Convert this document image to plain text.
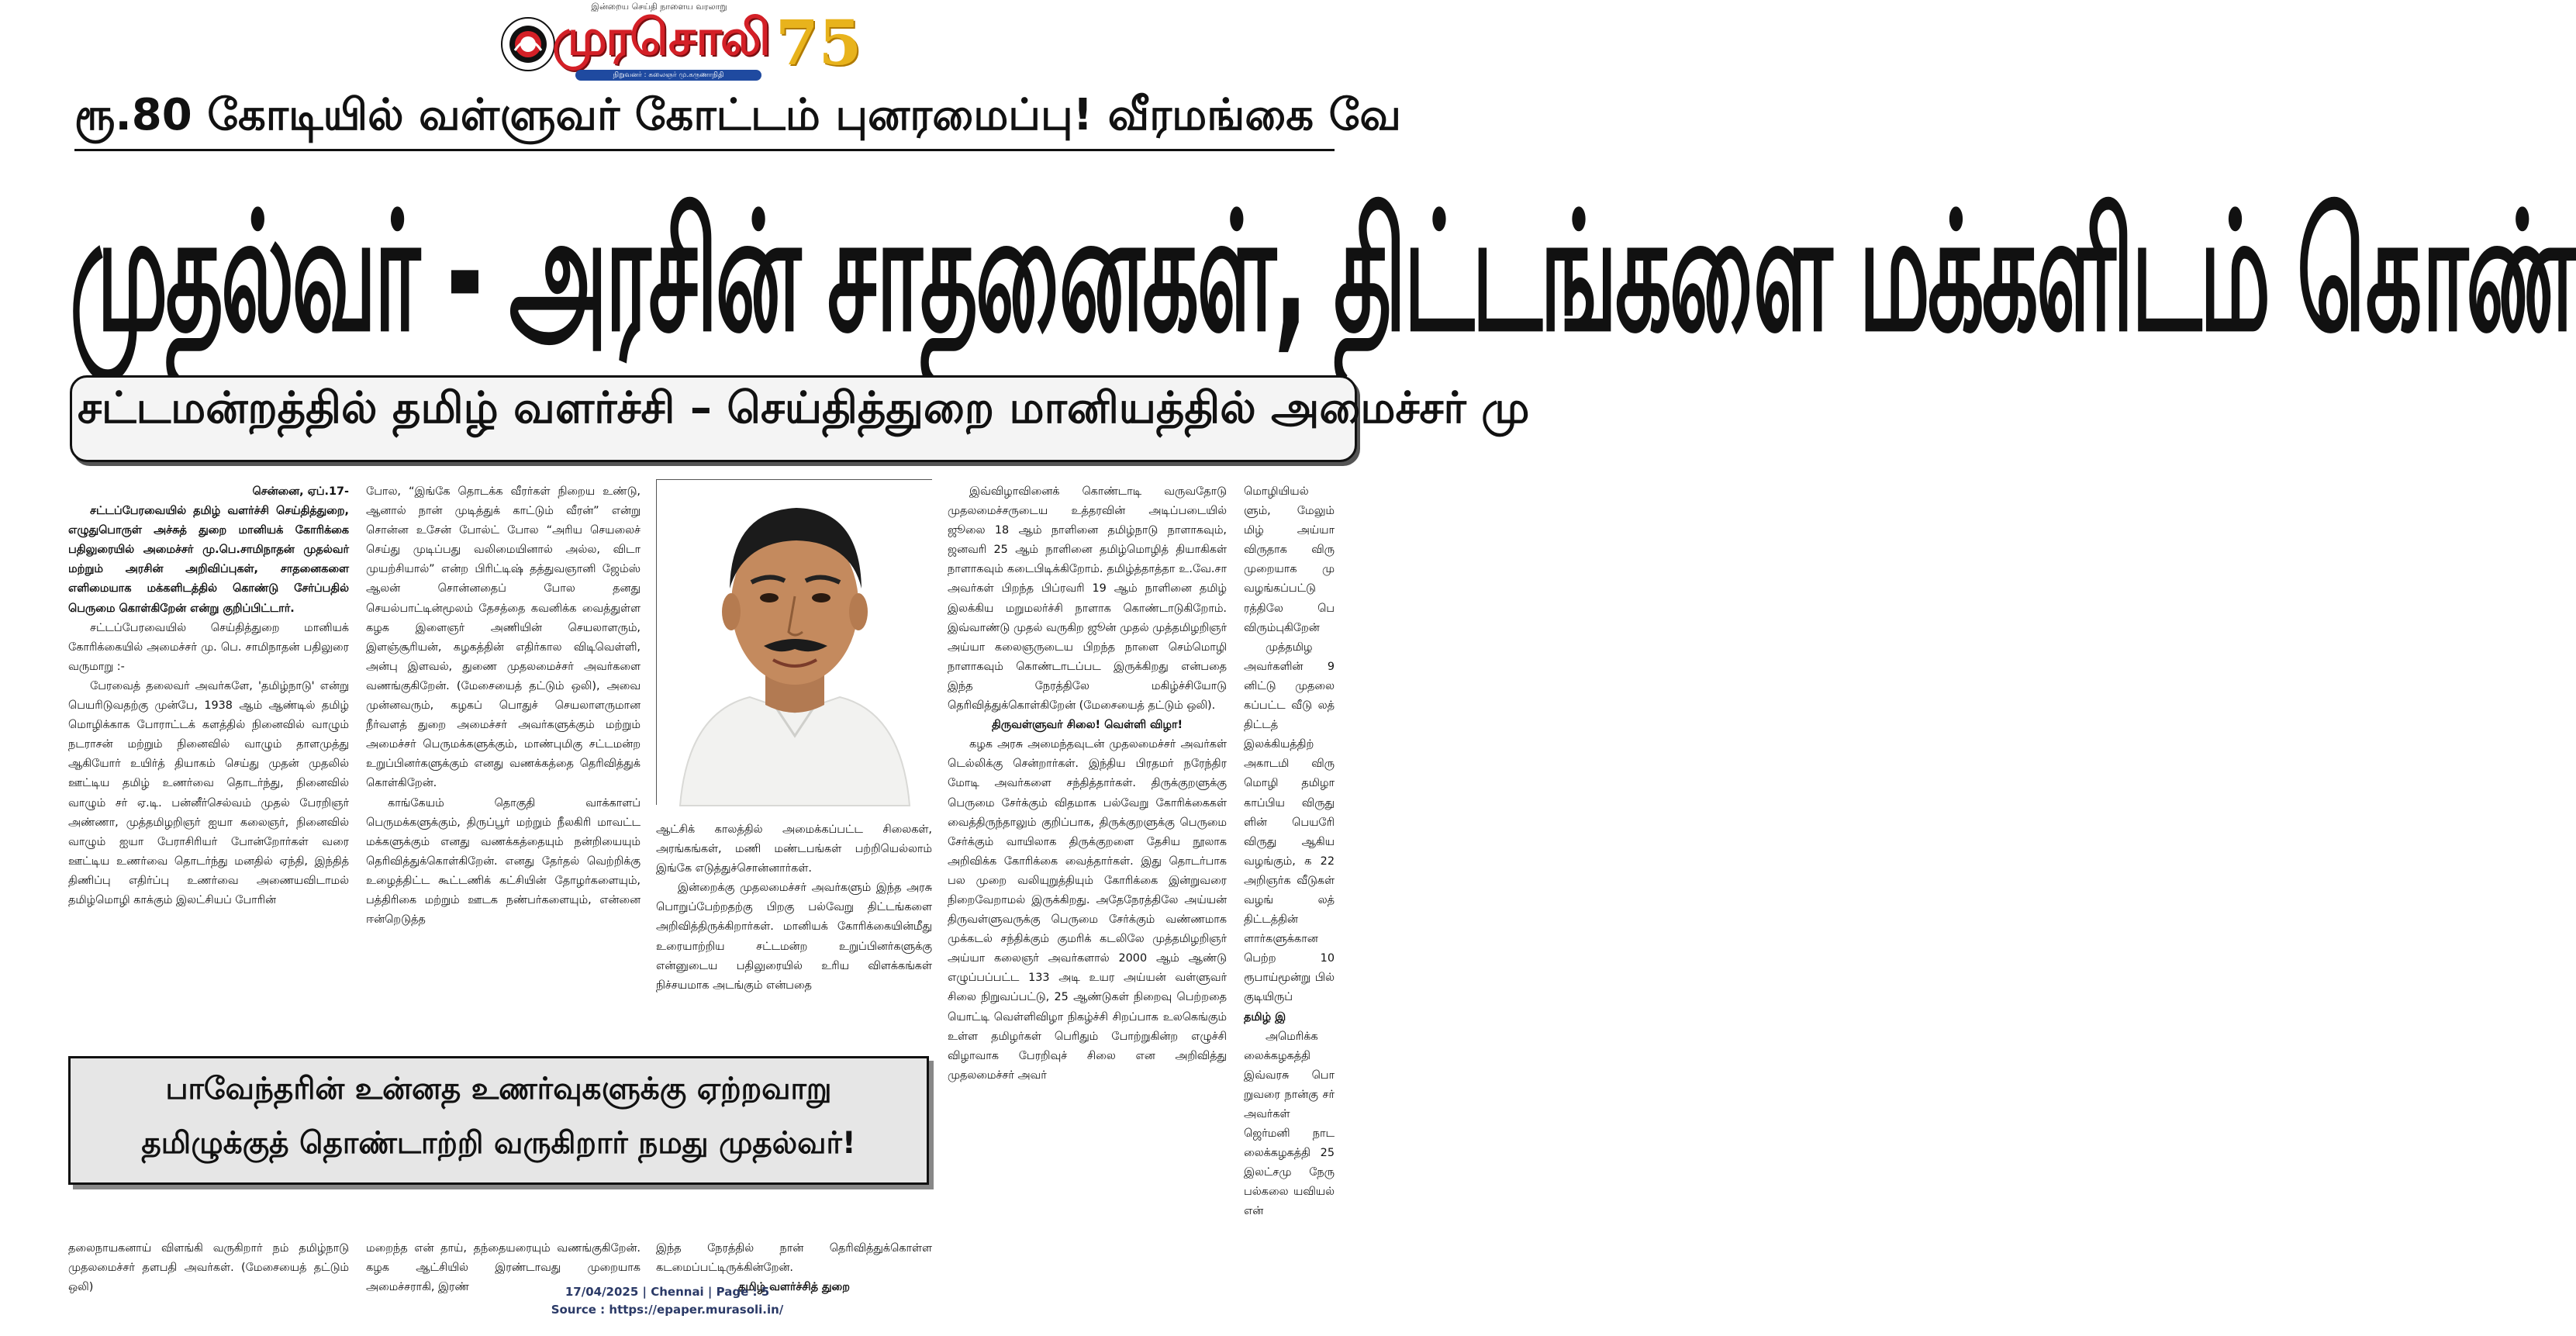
இன்றைய செய்தி நாளைய வரலாறு
முரசொலி
நிறுவனர் : கலைஞர் மு.கருணாநிதி 75
ரூ.80 கோடியில் வள்ளுவர் கோட்டம் புனரமைப்பு! வீரமங்கை வே
முதல்வர் - அரசின் சாதனைகள், திட்டங்களை மக்களிடம் கொண்
சட்டமன்றத்தில் தமிழ் வளர்ச்சி – செய்தித்துறை மானியத்தில் அமைச்சர் மு
சென்னை, ஏப்.17-

சட்டப்பேரவையில் தமிழ் வளர்ச்சி செய்தித்துறை, எழுதுபொருள் அச்சுத் துறை மானியக் கோரிக்கை பதிலுரையில் அமைச்சர் மு.பெ.சாமிநாதன் முதல்வர் மற்றும் அரசின் அறிவிப்புகள், சாதனைகளை எளிமையாக மக்களிடத்தில் கொண்டு சேர்ப்பதில் பெருமை கொள்கிறேன் என்று குறிப்பிட்டார்.

சட்டப்பேரவையில் செய்தித்துறை மானியக் கோரிக்கையில் அமைச்சர் மு. பெ. சாமிநாதன் பதிலுரை வருமாறு :-

பேரவைத் தலைவர் அவர்களே, 'தமிழ்நாடு' என்று பெயரிடுவதற்கு முன்பே, 1938 ஆம் ஆண்டில் தமிழ் மொழிக்காக போராட்டக் களத்தில் நினைவில் வாழும் நடராசன் மற்றும் நினைவில் வாழும் தாளமுத்து ஆகியோர் உயிர்த் தியாகம் செய்து முதன் முதலில் ஊட்டிய தமிழ் உணர்வை தொடர்ந்து, நினைவில் வாழும் சர் ஏ.டி. பன்னீர்செல்வம் முதல் பேரறிஞர் அண்ணா, முத்தமிழறிஞர் ஐயா கலைஞர், நினைவில் வாழும் ஐயா பேராசிரியர் போன்றோர்கள் வரை ஊட்டிய உணர்வை தொடர்ந்து மனதில் ஏந்தி, இந்தித் திணிப்பு எதிர்ப்பு உணர்வை அணையவிடாமல் தமிழ்மொழி காக்கும் இலட்சியப் போரின்

போல, “இங்கே தொடக்க வீரர்கள் நிறைய உண்டு, ஆனால் நான் முடித்துக் காட்டும் வீரன்” என்று சொன்ன உசேன் போல்ட் போல “அரிய செயலைச் செய்து முடிப்பது வலிமையினால் அல்ல, விடா முயற்சியால்” என்ற பிரிட்டிஷ் தத்துவஞானி ஜேம்ஸ் ஆலன் சொன்னதைப் போல தனது செயல்பாட்டின்மூலம் தேசத்தை கவனிக்க வைத்துள்ள கழக இளைஞர் அணியின் செயலாளரும், இளஞ்சூரியன், கழகத்தின் எதிர்கால விடிவெள்ளி, அன்பு இளவல், துணை முதலமைச்சர் அவர்களை வணங்குகிறேன். (மேசையைத் தட்டும் ஒலி), அவை முன்னவரும், கழகப் பொதுச் செயலாளருமான நீர்வளத் துறை அமைச்சர் அவர்களுக்கும் மற்றும் அமைச்சர் பெருமக்களுக்கும், மாண்புமிகு சட்டமன்ற உறுப்பினர்களுக்கும் எனது வணக்கத்தை தெரிவித்துக் கொள்கிறேன்.

காங்கேயம் தொகுதி வாக்காளப் பெருமக்களுக்கும், திருப்பூர் மற்றும் நீலகிரி மாவட்ட மக்களுக்கும் எனது வணக்கத்தையும் நன்றியையும் தெரிவித்துக்கொள்கிறேன். எனது தேர்தல் வெற்றிக்கு உழைத்திட்ட கூட்டணிக் கட்சியின் தோழர்களையும், பத்திரிகை மற்றும் ஊடக நண்பர்களையும், என்னை ஈன்றெடுத்த

ஆட்சிக் காலத்தில் அமைக்கப்பட்ட சிலைகள், அரங்கங்கள், மணி மண்டபங்கள் பற்றியெல்லாம் இங்கே எடுத்துச்சொன்னார்கள்.

இன்றைக்கு முதலமைச்சர் அவர்களும் இந்த அரசு பொறுப்பேற்றதற்கு பிறகு பல்வேறு திட்டங்களை அறிவித்திருக்கிறார்கள். மானியக் கோரிக்கையின்மீது உரையாற்றிய சட்டமன்ற உறுப்பினர்களுக்கு என்னுடைய பதிலுரையில் உரிய விளக்கங்கள் நிச்சயமாக அடங்கும் என்பதை

இவ்விழாவினைக் கொண்டாடி வருவதோடு முதலமைச்சருடைய உத்தரவின் அடிப்படையில் ஜூலை 18 ஆம் நாளினை தமிழ்நாடு நாளாகவும், ஜனவரி 25 ஆம் நாளினை தமிழ்மொழித் தியாகிகள் நாளாகவும் கடைபிடிக்கிறோம். தமிழ்த்தாத்தா உ.வே.சா அவர்கள் பிறந்த பிப்ரவரி 19 ஆம் நாளினை தமிழ் இலக்கிய மறுமலர்ச்சி நாளாக கொண்டாடுகிறோம். இவ்வாண்டு முதல் வருகிற ஜூன் முதல் முத்தமிழறிஞர் அய்யா கலைஞருடைய பிறந்த நாளை செம்மொழி நாளாகவும் கொண்டாடப்பட இருக்கிறது என்பதை இந்த நேரத்திலே மகிழ்ச்சியோடு தெரிவித்துக்கொள்கிறேன் (மேசையைத் தட்டும் ஒலி).

திருவள்ளுவர் சிலை! வெள்ளி விழா!

கழக அரசு அமைந்தவுடன் முதலமைச்சர் அவர்கள் டெல்லிக்கு சென்றார்கள். இந்திய பிரதமர் நரேந்திர மோடி அவர்களை சந்தித்தார்கள். திருக்குறளுக்கு பெருமை சேர்க்கும் விதமாக பல்வேறு கோரிக்கைகள் வைத்திருந்தாலும் குறிப்பாக, திருக்குறளுக்கு பெருமை சேர்க்கும் வாயிலாக திருக்குறளை தேசிய நூலாக அறிவிக்க கோரிக்கை வைத்தார்கள். இது தொடர்பாக பல முறை வலியுறுத்தியும் கோரிக்கை இன்றுவரை நிறைவேறாமல் இருக்கிறது. அதேநேரத்திலே அய்யன் திருவள்ளுவருக்கு பெருமை சேர்க்கும் வண்ணமாக முக்கடல் சந்திக்கும் குமரிக் கடலிலே முத்தமிழறிஞர் அய்யா கலைஞர் அவர்களால் 2000 ஆம் ஆண்டு எழுப்பப்பட்ட 133 அடி உயர அய்யன் வள்ளுவர் சிலை நிறுவப்பட்டு, 25 ஆண்டுகள் நிறைவு பெற்றதை யொட்டி வெள்ளிவிழா நிகழ்ச்சி சிறப்பாக உலகெங்கும் உள்ள தமிழர்கள் பெரிதும் போற்றுகின்ற எழுச்சி விழாவாக பேரறிவுச் சிலை என அறிவித்து முதலமைச்சர் அவர்

மொழியியல் ளும், மேலும் மிழ் அய்யா விருதாக விரு முறையாக மு வழங்கப்பட்டு ரத்திலே பெ விரும்புகிறேன்

முத்தமிழ அவர்களின் 9 னிட்டு முதலை கப்பட்ட வீடு லத் திட்டத் இலக்கியத்திற் அகாடமி விரு மொழி தமிழா காப்பிய விருது ளின் பெயரிே விருது ஆகிய வழங்கும், க 22 அறிஞர்க வீடுகள் வழங் லத் திட்டத்தின் ளார்களுக்கான பெற்ற 10 ரூபாய்மூன்று பில் குடியிருப்

தமிழ் இ

அமெரிக்க லைக்கழகத்தி இவ்வரசு பொ றுவரை நான்கு சர் அவர்கள் ஜெர்மனி நாட லைக்கழகத்தி 25 இலட்சமு நேரு பல்கலை யவியல் என்

பாவேந்தரின் உன்னத உணர்வுகளுக்கு ஏற்றவாறு
தமிழுக்குத் தொண்டாற்றி வருகிறார் நமது முதல்வர்!

தலைநாயகனாய் விளங்கி வருகிறார் நம் தமிழ்நாடு முதலமைச்சர் தளபதி அவர்கள். (மேசையைத் தட்டும் ஒலி)

மறைந்த என் தாய், தந்தையரையும் வணங்குகிறேன். கழக ஆட்சியில் இரண்டாவது முறையாக அமைச்சராகி, இரண்

இந்த நேரத்தில் நான் தெரிவித்துக்கொள்ள கடமைப்பட்டிருக்கின்றேன்.

தமிழ் வளர்ச்சித் துறை
17/04/2025 | Chennai | Page : 5
Source : https://epaper.murasoli.in/
